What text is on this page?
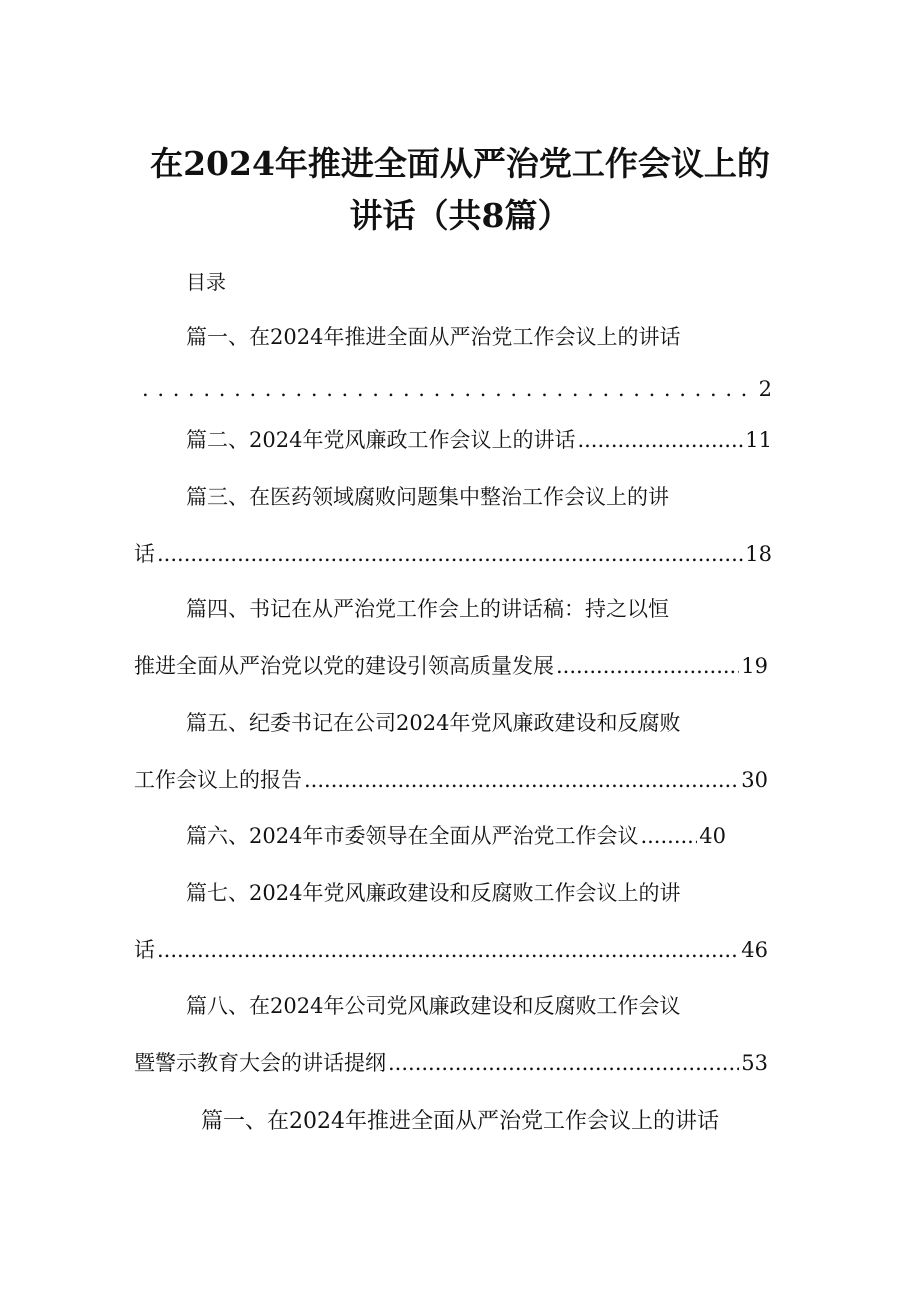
在2024年推进全面从严治党工作会议上的
讲话（共8篇）
目录
篇一、在2024年推进全面从严治党工作会议上的讲话
. . .
2
篇二、2024年党风廉政工作会议上的讲话 .....	11
篇三、在医药领域腐败问题集中整治工作会议上的讲
话 .....	18
篇四、书记在从严治党工作会上的讲话稿：持之以恒
推进全面从严治党以党的建设引领高质量发展 .....	19
篇五、纪委书记在公司2024年党风廉政建设和反腐败
工作会议上的报告 .....	30
篇六、2024年市委领导在全面从严治党工作会议 .....	40
篇七、2024年党风廉政建设和反腐败工作会议上的讲
话 .....	46
篇八、在2024年公司党风廉政建设和反腐败工作会议
暨警示教育大会的讲话提纲 .....	53
篇一、在2024年推进全面从严治党工作会议上的讲话
